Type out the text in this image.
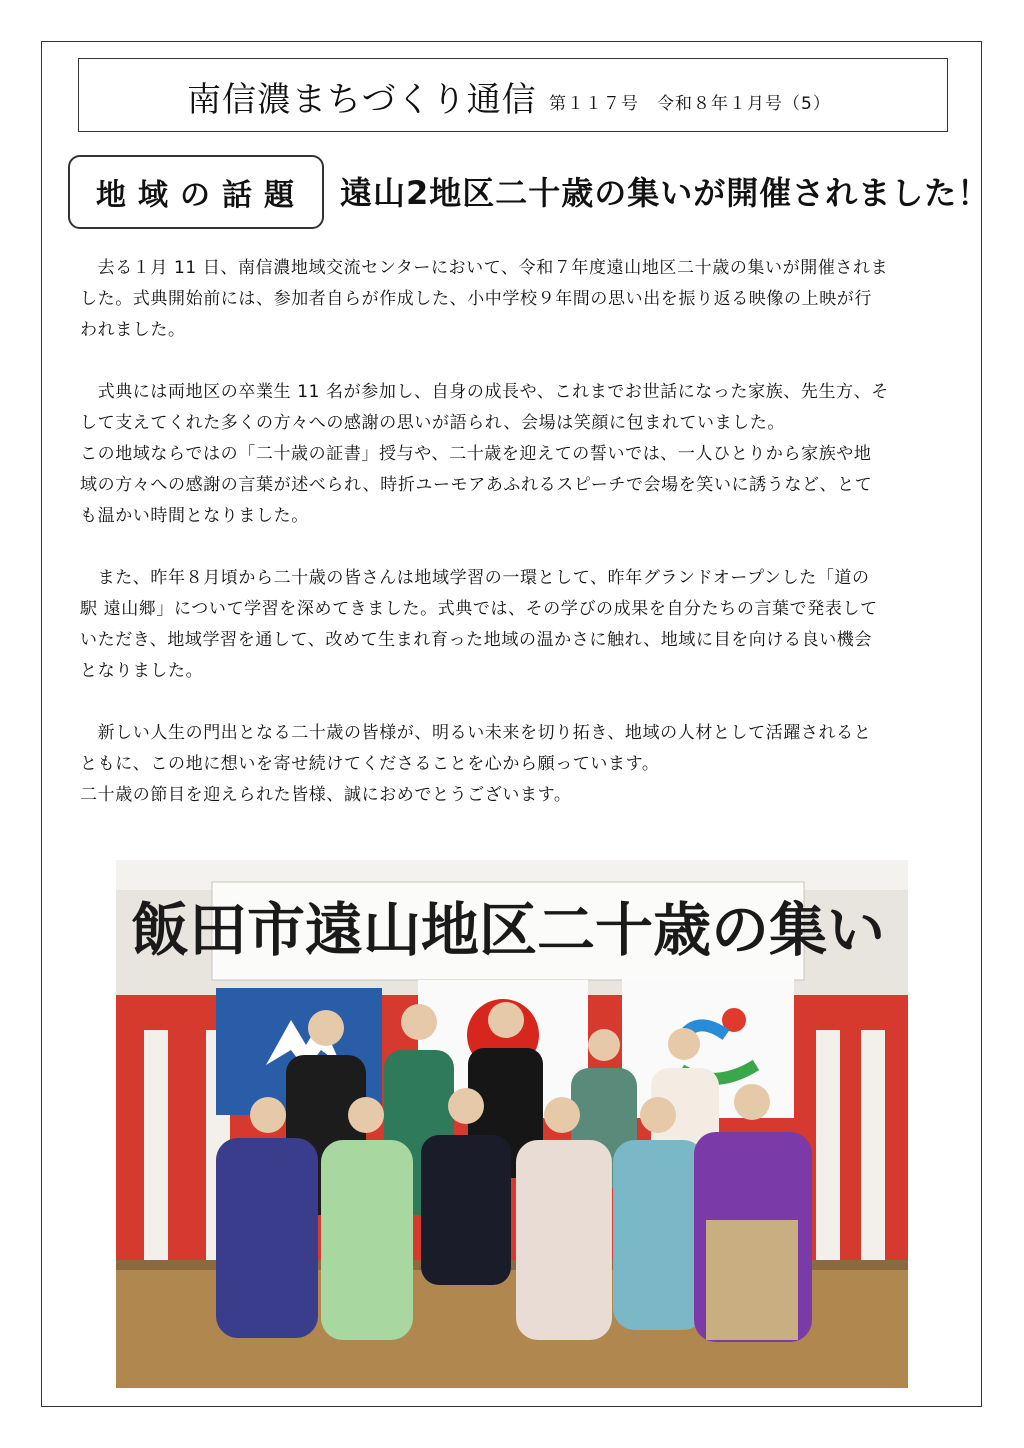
南信濃まちづくり通信 第１１７号　令和８年１月号（5）
地域の話題	遠山2地区二十歳の集いが開催されました！

　去る１月 11 日、南信濃地域交流センターにおいて、令和７年度遠山地区二十歳の集いが開催されま
した。式典開始前には、参加者自らが作成した、小中学校９年間の思い出を振り返る映像の上映が行
われました。

　式典には両地区の卒業生 11 名が参加し、自身の成長や、これまでお世話になった家族、先生方、そ
して支えてくれた多くの方々への感謝の思いが語られ、会場は笑顔に包まれていました。
この地域ならではの「二十歳の証書」授与や、二十歳を迎えての誓いでは、一人ひとりから家族や地
域の方々への感謝の言葉が述べられ、時折ユーモアあふれるスピーチで会場を笑いに誘うなど、とて
も温かい時間となりました。

　また、昨年８月頃から二十歳の皆さんは地域学習の一環として、昨年グランドオープンした「道の
駅 遠山郷」について学習を深めてきました。式典では、その学びの成果を自分たちの言葉で発表して
いただき、地域学習を通して、改めて生まれ育った地域の温かさに触れ、地域に目を向ける良い機会
となりました。

　新しい人生の門出となる二十歳の皆様が、明るい未来を切り拓き、地域の人材として活躍されると
ともに、この地に想いを寄せ続けてくださることを心から願っています。
二十歳の節目を迎えられた皆様、誠におめでとうございます。

飯田市遠山地区二十歳の集い
